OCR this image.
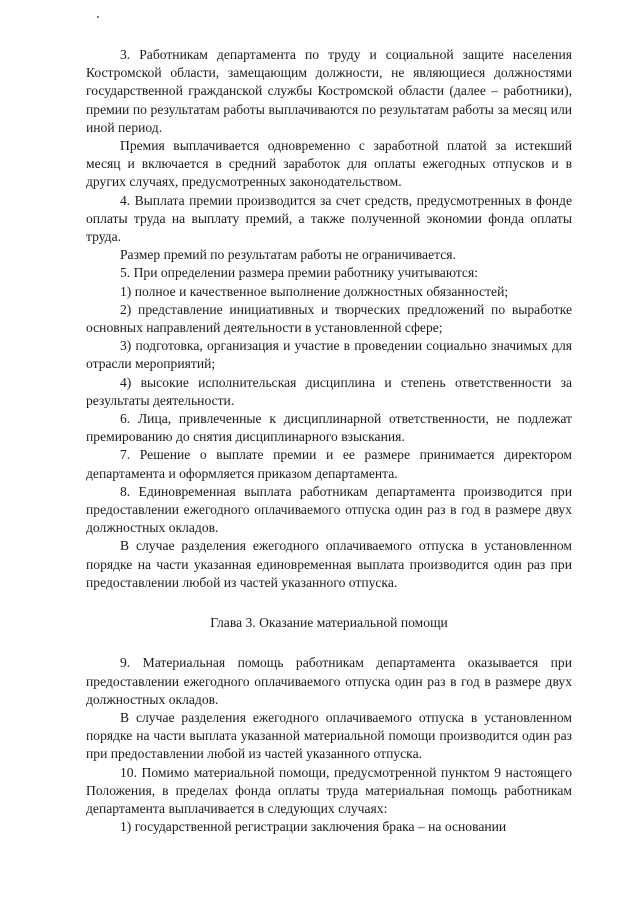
3. Работникам департамента по труду и социальной защите населения Костромской области, замещающим должности, не являющиеся должностями государственной гражданской службы Костромской области (далее – работники), премии по результатам работы выплачиваются по результатам работы за месяц или иной период.

Премия выплачивается одновременно с заработной платой за истекший месяц и включается в средний заработок для оплаты ежегодных отпусков и в других случаях, предусмотренных законодательством.

4. Выплата премии производится за счет средств, предусмотренных в фонде оплаты труда на выплату премий, а также полученной экономии фонда оплаты труда.

Размер премий по результатам работы не ограничивается.

5. При определении размера премии работнику учитываются:

1) полное и качественное выполнение должностных обязанностей;

2) представление инициативных и творческих предложений по выработке основных направлений деятельности в установленной сфере;

3) подготовка, организация и участие в проведении социально значимых для отрасли мероприятий;

4) высокие исполнительская дисциплина и степень ответственности за результаты деятельности.

6. Лица, привлеченные к дисциплинарной ответственности, не подлежат премированию до снятия дисциплинарного взыскания.

7. Решение о выплате премии и ее размере принимается директором департамента и оформляется приказом департамента.

8. Единовременная выплата работникам департамента производится при предоставлении ежегодного оплачиваемого отпуска один раз в год в размере двух должностных окладов.

В случае разделения ежегодного оплачиваемого отпуска в установленном порядке на части указанная единовременная выплата производится один раз при предоставлении любой из частей указанного отпуска.

Глава 3. Оказание материальной помощи

9. Материальная помощь работникам департамента оказывается при предоставлении ежегодного оплачиваемого отпуска один раз в год в размере двух должностных окладов.

В случае разделения ежегодного оплачиваемого отпуска в установленном порядке на части выплата указанной материальной помощи производится один раз при предоставлении любой из частей указанного отпуска.

10. Помимо материальной помощи, предусмотренной пунктом 9 настоящего Положения, в пределах фонда оплаты труда материальная помощь работникам департамента выплачивается в следующих случаях:

1) государственной регистрации заключения брака – на основании
